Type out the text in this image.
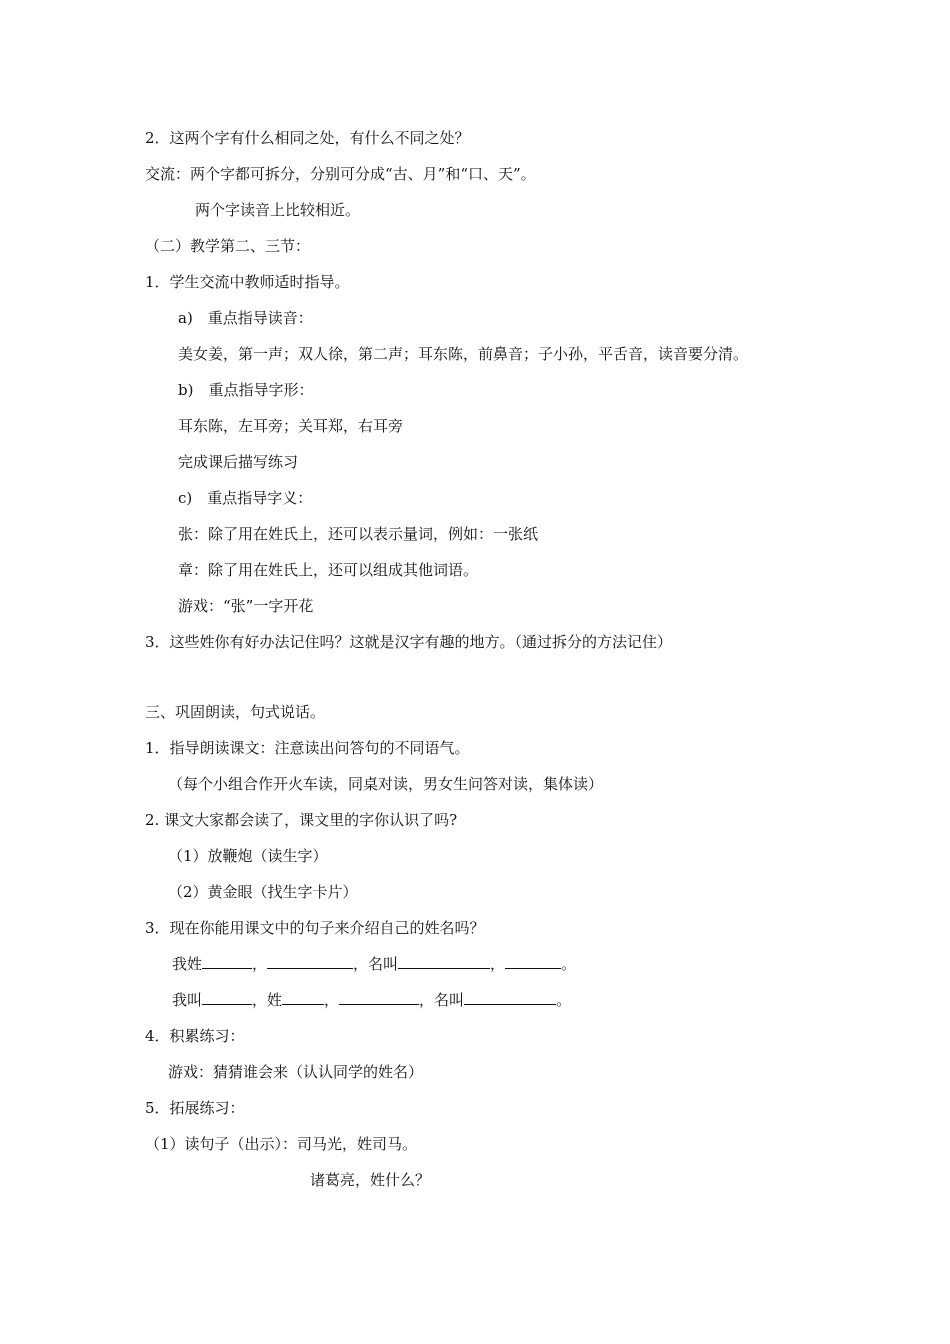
2．这两个字有什么相同之处，有什么不同之处？
交流：两个字都可拆分，分别可分成“古、月”和“口、天”。
两个字读音上比较相近。
（二）教学第二、三节：
1．学生交流中教师适时指导。
a)　重点指导读音：
美女姜，第一声；双人徐，第二声；耳东陈，前鼻音；子小孙，平舌音，读音要分清。
b)　重点指导字形：
耳东陈，左耳旁；关耳郑，右耳旁
完成课后描写练习
c)　重点指导字义：
张：除了用在姓氏上，还可以表示量词，例如：一张纸
章：除了用在姓氏上，还可以组成其他词语。
游戏：“张”一字开花
3．这些姓你有好办法记住吗？这就是汉字有趣的地方。（通过拆分的方法记住）
三、巩固朗读，句式说话。
1．指导朗读课文：注意读出问答句的不同语气。
（每个小组合作开火车读，同桌对读，男女生问答对读，集体读）
2. 课文大家都会读了，课文里的字你认识了吗?
（1）放鞭炮（读生字）
（2）黄金眼（找生字卡片）
3．现在你能用课文中的句子来介绍自己的姓名吗？
我姓	，	，名叫	，	。
我叫	，姓	，	，名叫	。
4．积累练习：
游戏：猜猜谁会来（认认同学的姓名）
5．拓展练习：
（1）读句子（出示）：司马光，姓司马。
诸葛亮，姓什么？
